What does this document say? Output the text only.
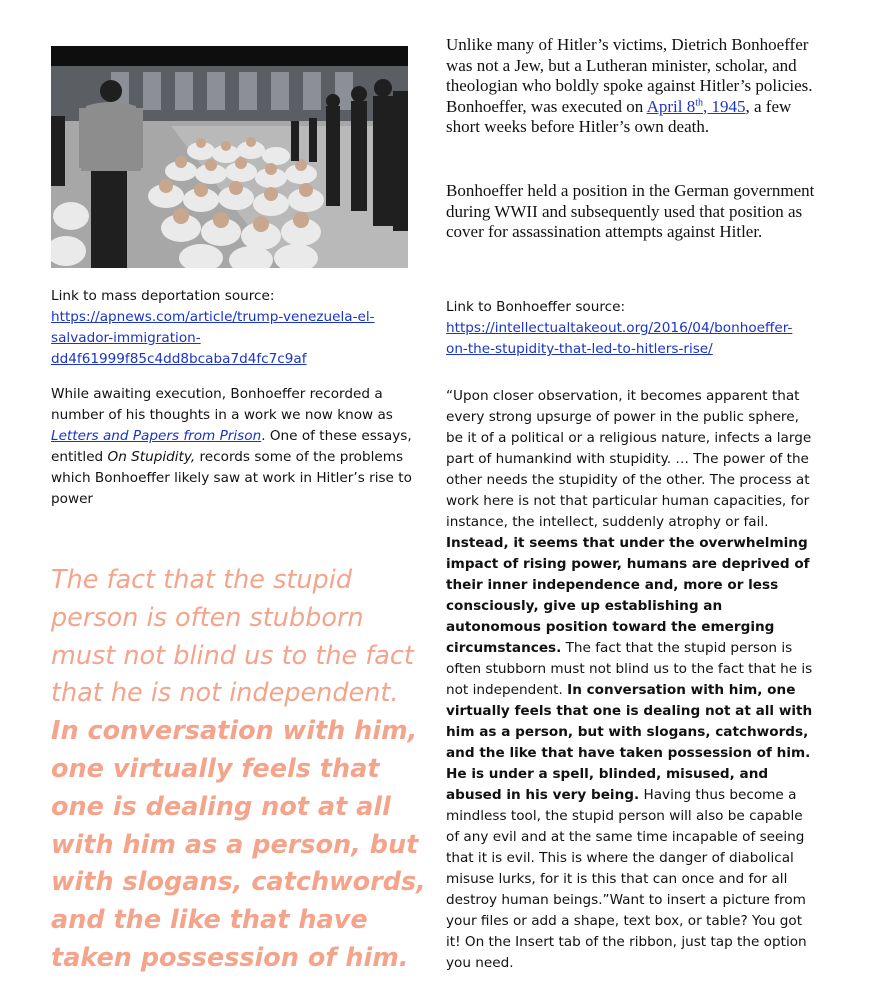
Link to mass deportation source:
https://apnews.com/article/trump-venezuela-el-
salvador-immigration-
dd4f61999f85c4dd8bcaba7d4fc7c9af

While awaiting execution, Bonhoeffer recorded a number of his thoughts in a work we now know as Letters and Papers from Prison. One of these essays, entitled On Stupidity, records some of the problems which Bonhoeffer likely saw at work in Hitler’s rise to power

The fact that the stupid person is often stubborn must not blind us to the fact that he is not independent. In conversation with him, one virtually feels that one is dealing not at all with him as a person, but with slogans, catchwords, and the like that have taken possession of him.

Unlike many of Hitler’s victims, Dietrich Bonhoeffer was not a Jew, but a Lutheran minister, scholar, and theologian who boldly spoke against Hitler’s policies. Bonhoeffer, was executed on April 8th, 1945, a few short weeks before Hitler’s own death.

Bonhoeffer held a position in the German government during WWII and subsequently used that position as cover for assassination attempts against Hitler.

Link to Bonhoeffer source:
https://intellectualtakeout.org/2016/04/bonhoeffer-
on-the-stupidity-that-led-to-hitlers-rise/

“Upon closer observation, it becomes apparent that every strong upsurge of power in the public sphere, be it of a political or a religious nature, infects a large part of humankind with stupidity. … The power of the other needs the stupidity of the other. The process at work here is not that particular human capacities, for instance, the intellect, suddenly atrophy or fail. Instead, it seems that under the overwhelming impact of rising power, humans are deprived of their inner independence and, more or less consciously, give up establishing an autonomous position toward the emerging circumstances. The fact that the stupid person is often stubborn must not blind us to the fact that he is not independent. In conversation with him, one virtually feels that one is dealing not at all with him as a person, but with slogans, catchwords, and the like that have taken possession of him. He is under a spell, blinded, misused, and abused in his very being. Having thus become a mindless tool, the stupid person will also be capable of any evil and at the same time incapable of seeing that it is evil. This is where the danger of diabolical misuse lurks, for it is this that can once and for all destroy human beings.”Want to insert a picture from your files or add a shape, text box, or table? You got it! On the Insert tab of the ribbon, just tap the option you need.
